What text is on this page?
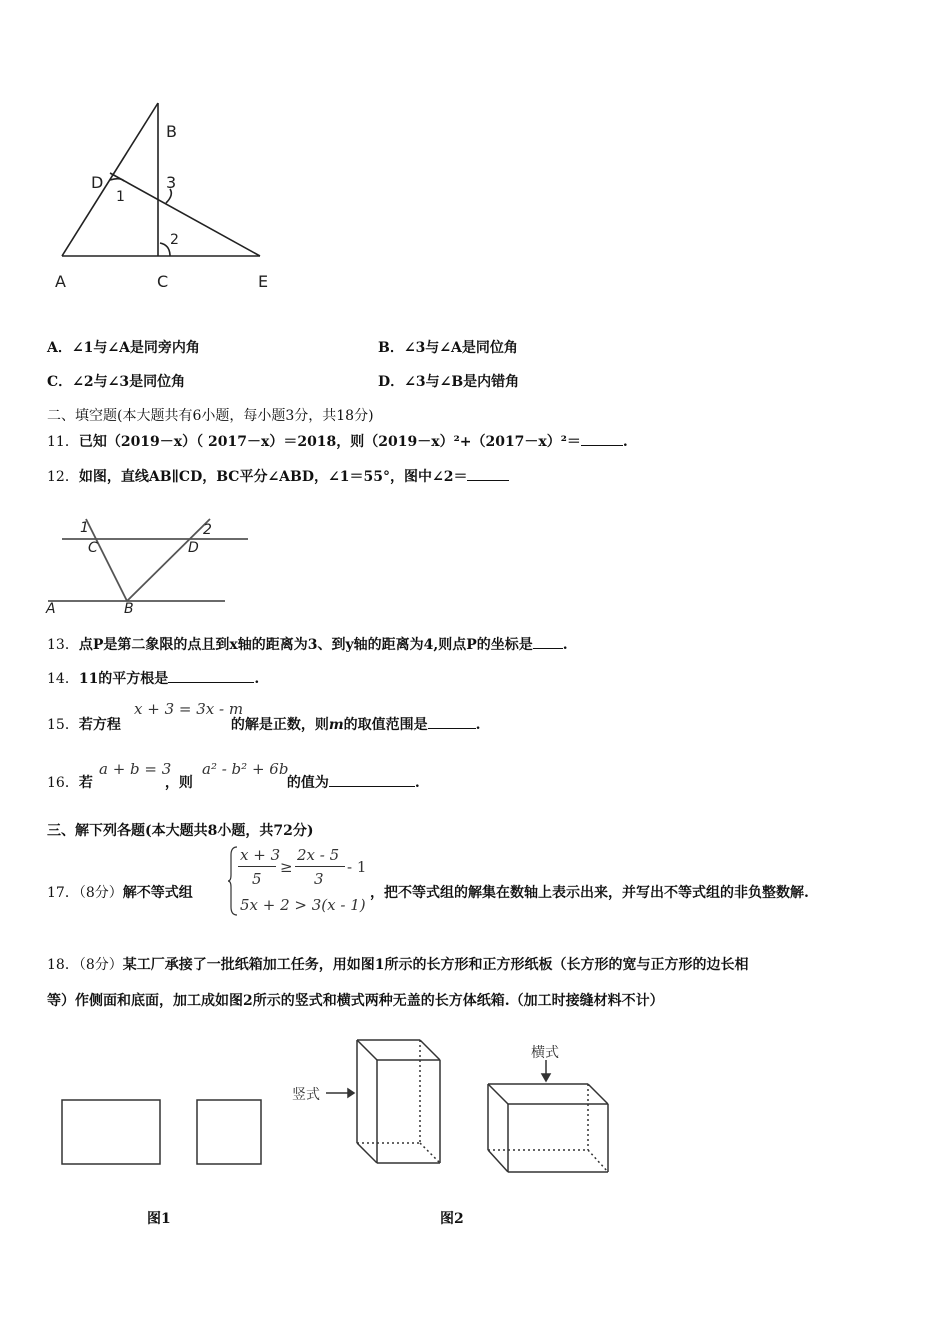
B
D	3
1
2
A	C	E
A．∠1与∠A是同旁内角	B．∠3与∠A是同位角
C．∠2与∠3是同位角	D．∠3与∠B是内错角
二、填空题(本大题共有6小题，每小题3分，共18分)
11．已知（2019－x）（ 2017－x）＝2018，则（2019－x）²+（2017－x）²＝	.
12．如图，直线AB∥CD，BC平分∠ABD，∠1＝55°，图中∠2＝
1	2
C	D
A	B
13．点P是第二象限的点且到x轴的距离为3、到y轴的距离为4,则点P的坐标是 .
14．11的平方根是	.
15．若方程	的解是正数，则m的取值范围是	.
x + 3 = 3x - m
16．若	，则	的值为	.
a + b = 3 a² - b² + 6b
三、解下列各题(本大题共8小题，共72分)
17．（8分）解不等式组	，把不等式组的解集在数轴上表示出来，并写出不等式组的非负整数解.
x + 3
5
≥
2x - 5
3
- 1
5x + 2 > 3(x - 1)
18．（8分）某工厂承接了一批纸箱加工任务，用如图1所示的长方形和正方形纸板（长方形的宽与正方形的边长相
等）作侧面和底面，加工成如图2所示的竖式和横式两种无盖的长方体纸箱.（加工时接缝材料不计）
竖式
横式
图1	图2
